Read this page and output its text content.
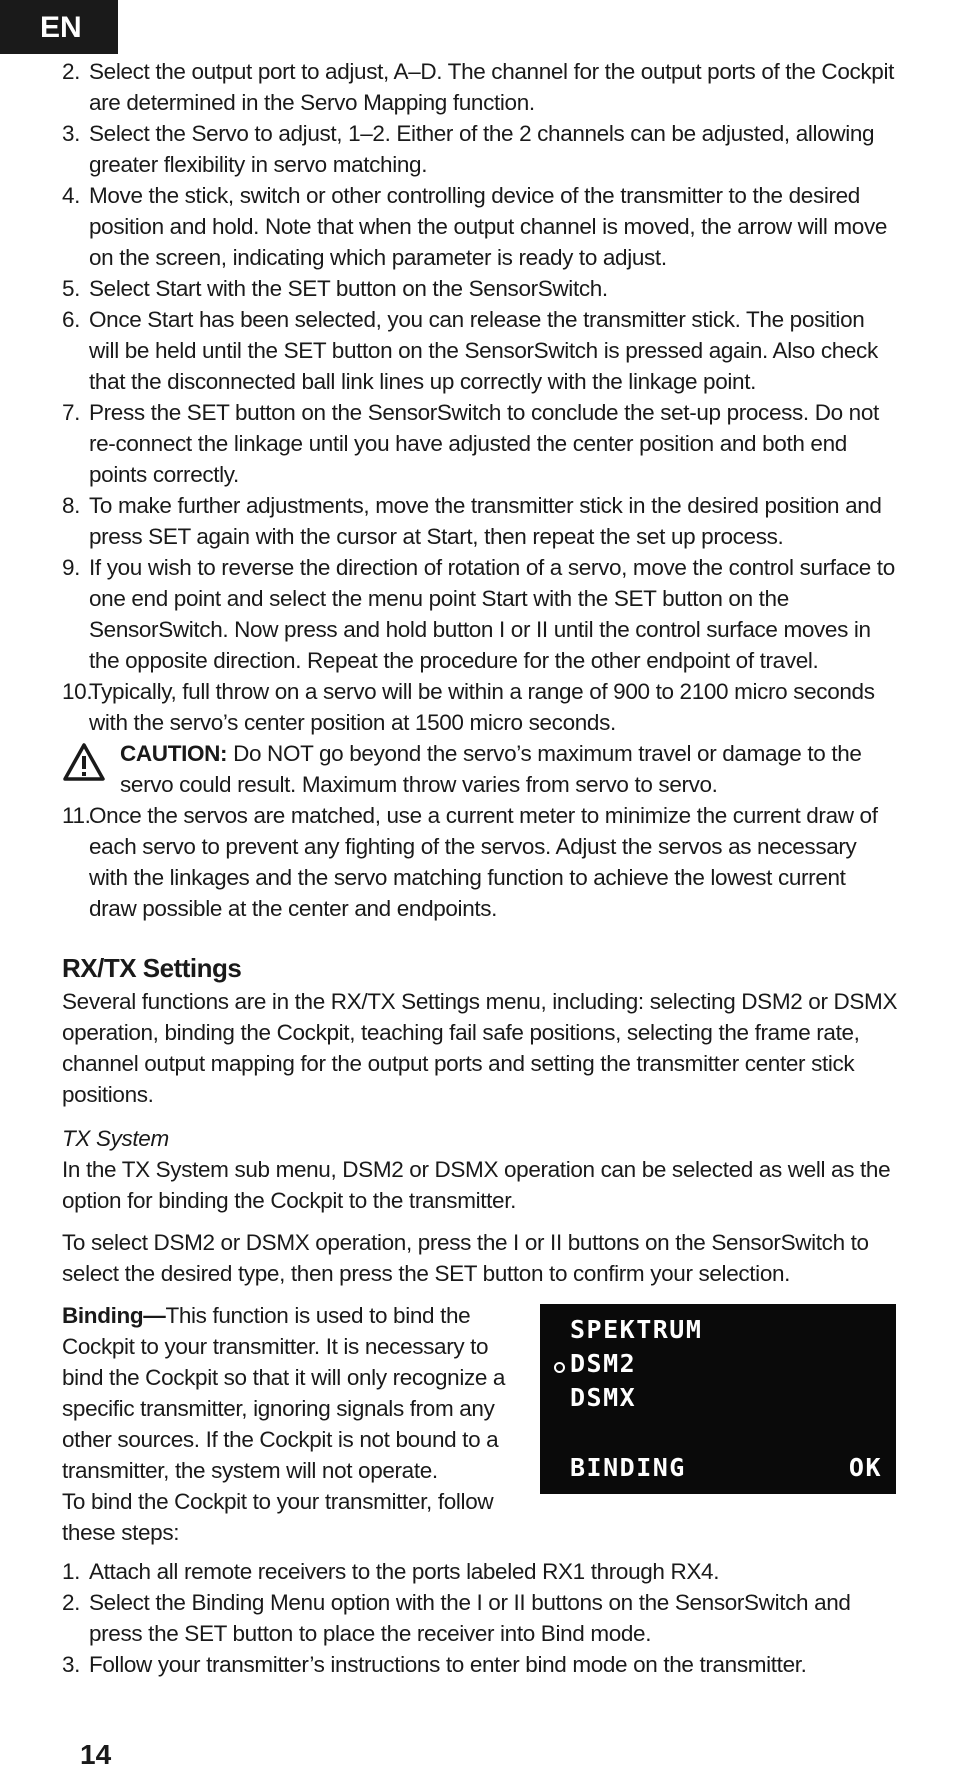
EN
2. Select the output port to adjust, A–D. The channel for the output ports of the Cockpit are determined in the Servo Mapping function.
3. Select the Servo to adjust, 1–2. Either of the 2 channels can be adjusted, allowing greater flexibility in servo matching.
4. Move the stick, switch or other controlling device of the transmitter to the desired position and hold. Note that when the output channel is moved, the arrow will move on the screen, indicating which parameter is ready to adjust.
5. Select Start with the SET button on the SensorSwitch.
6. Once Start has been selected, you can release the transmitter stick. The position will be held until the SET button on the SensorSwitch is pressed again. Also check that the disconnected ball link lines up correctly with the linkage point.
7. Press the SET button on the SensorSwitch to conclude the set-up process. Do not re-connect the linkage until you have adjusted the center position and both end points correctly.
8. To make further adjustments, move the transmitter stick in the desired position and press SET again with the cursor at Start, then repeat the set up process.
9. If you wish to reverse the direction of rotation of a servo, move the control surface to one end point and select the menu point Start with the SET button on the SensorSwitch. Now press and hold button I or II until the control surface moves in the opposite direction. Repeat the procedure for the other endpoint of travel.
10.
Typically, full throw on a servo will be within a range of 900 to 2100 micro seconds with the servo’s center position at 1500 micro seconds.
CAUTION: Do NOT go beyond the servo’s maximum travel or damage to the servo could result. Maximum throw varies from servo to servo.
11.
Once the servos are matched, use a current meter to minimize the current draw of each servo to prevent any fighting of the servos. Adjust the servos as necessary with the linkages and the servo matching function to achieve the lowest current draw possible at the center and endpoints.
RX/TX Settings

Several functions are in the RX/TX Settings menu, including: selecting DSM2 or DSMX operation, binding the Cockpit, teaching fail safe positions, selecting the frame rate, channel output mapping for the output ports and setting the transmitter center stick positions.

TX System

In the TX System sub menu, DSM2 or DSMX operation can be selected as well as the option for binding the Cockpit to the transmitter.

To select DSM2 or DSMX operation, press the I or II buttons on the SensorSwitch to select the desired type, then press the SET button to confirm your selection.

Binding—This function is used to bind the Cockpit to your transmitter. It is necessary to bind the Cockpit so that it will only recognize a specific transmitter, ignoring signals from any other sources. If the Cockpit is not bound to a transmitter, the system will not operate.
To bind the Cockpit to your transmitter, follow these steps:
SPEKTRUM
DSM2
DSMX
BINDING	OK
1. Attach all remote receivers to the ports labeled RX1 through RX4.
2. Select the Binding Menu option with the I or II buttons on the SensorSwitch and press the SET button to place the receiver into Bind mode.
3. Follow your transmitter’s instructions to enter bind mode on the transmitter.
14
